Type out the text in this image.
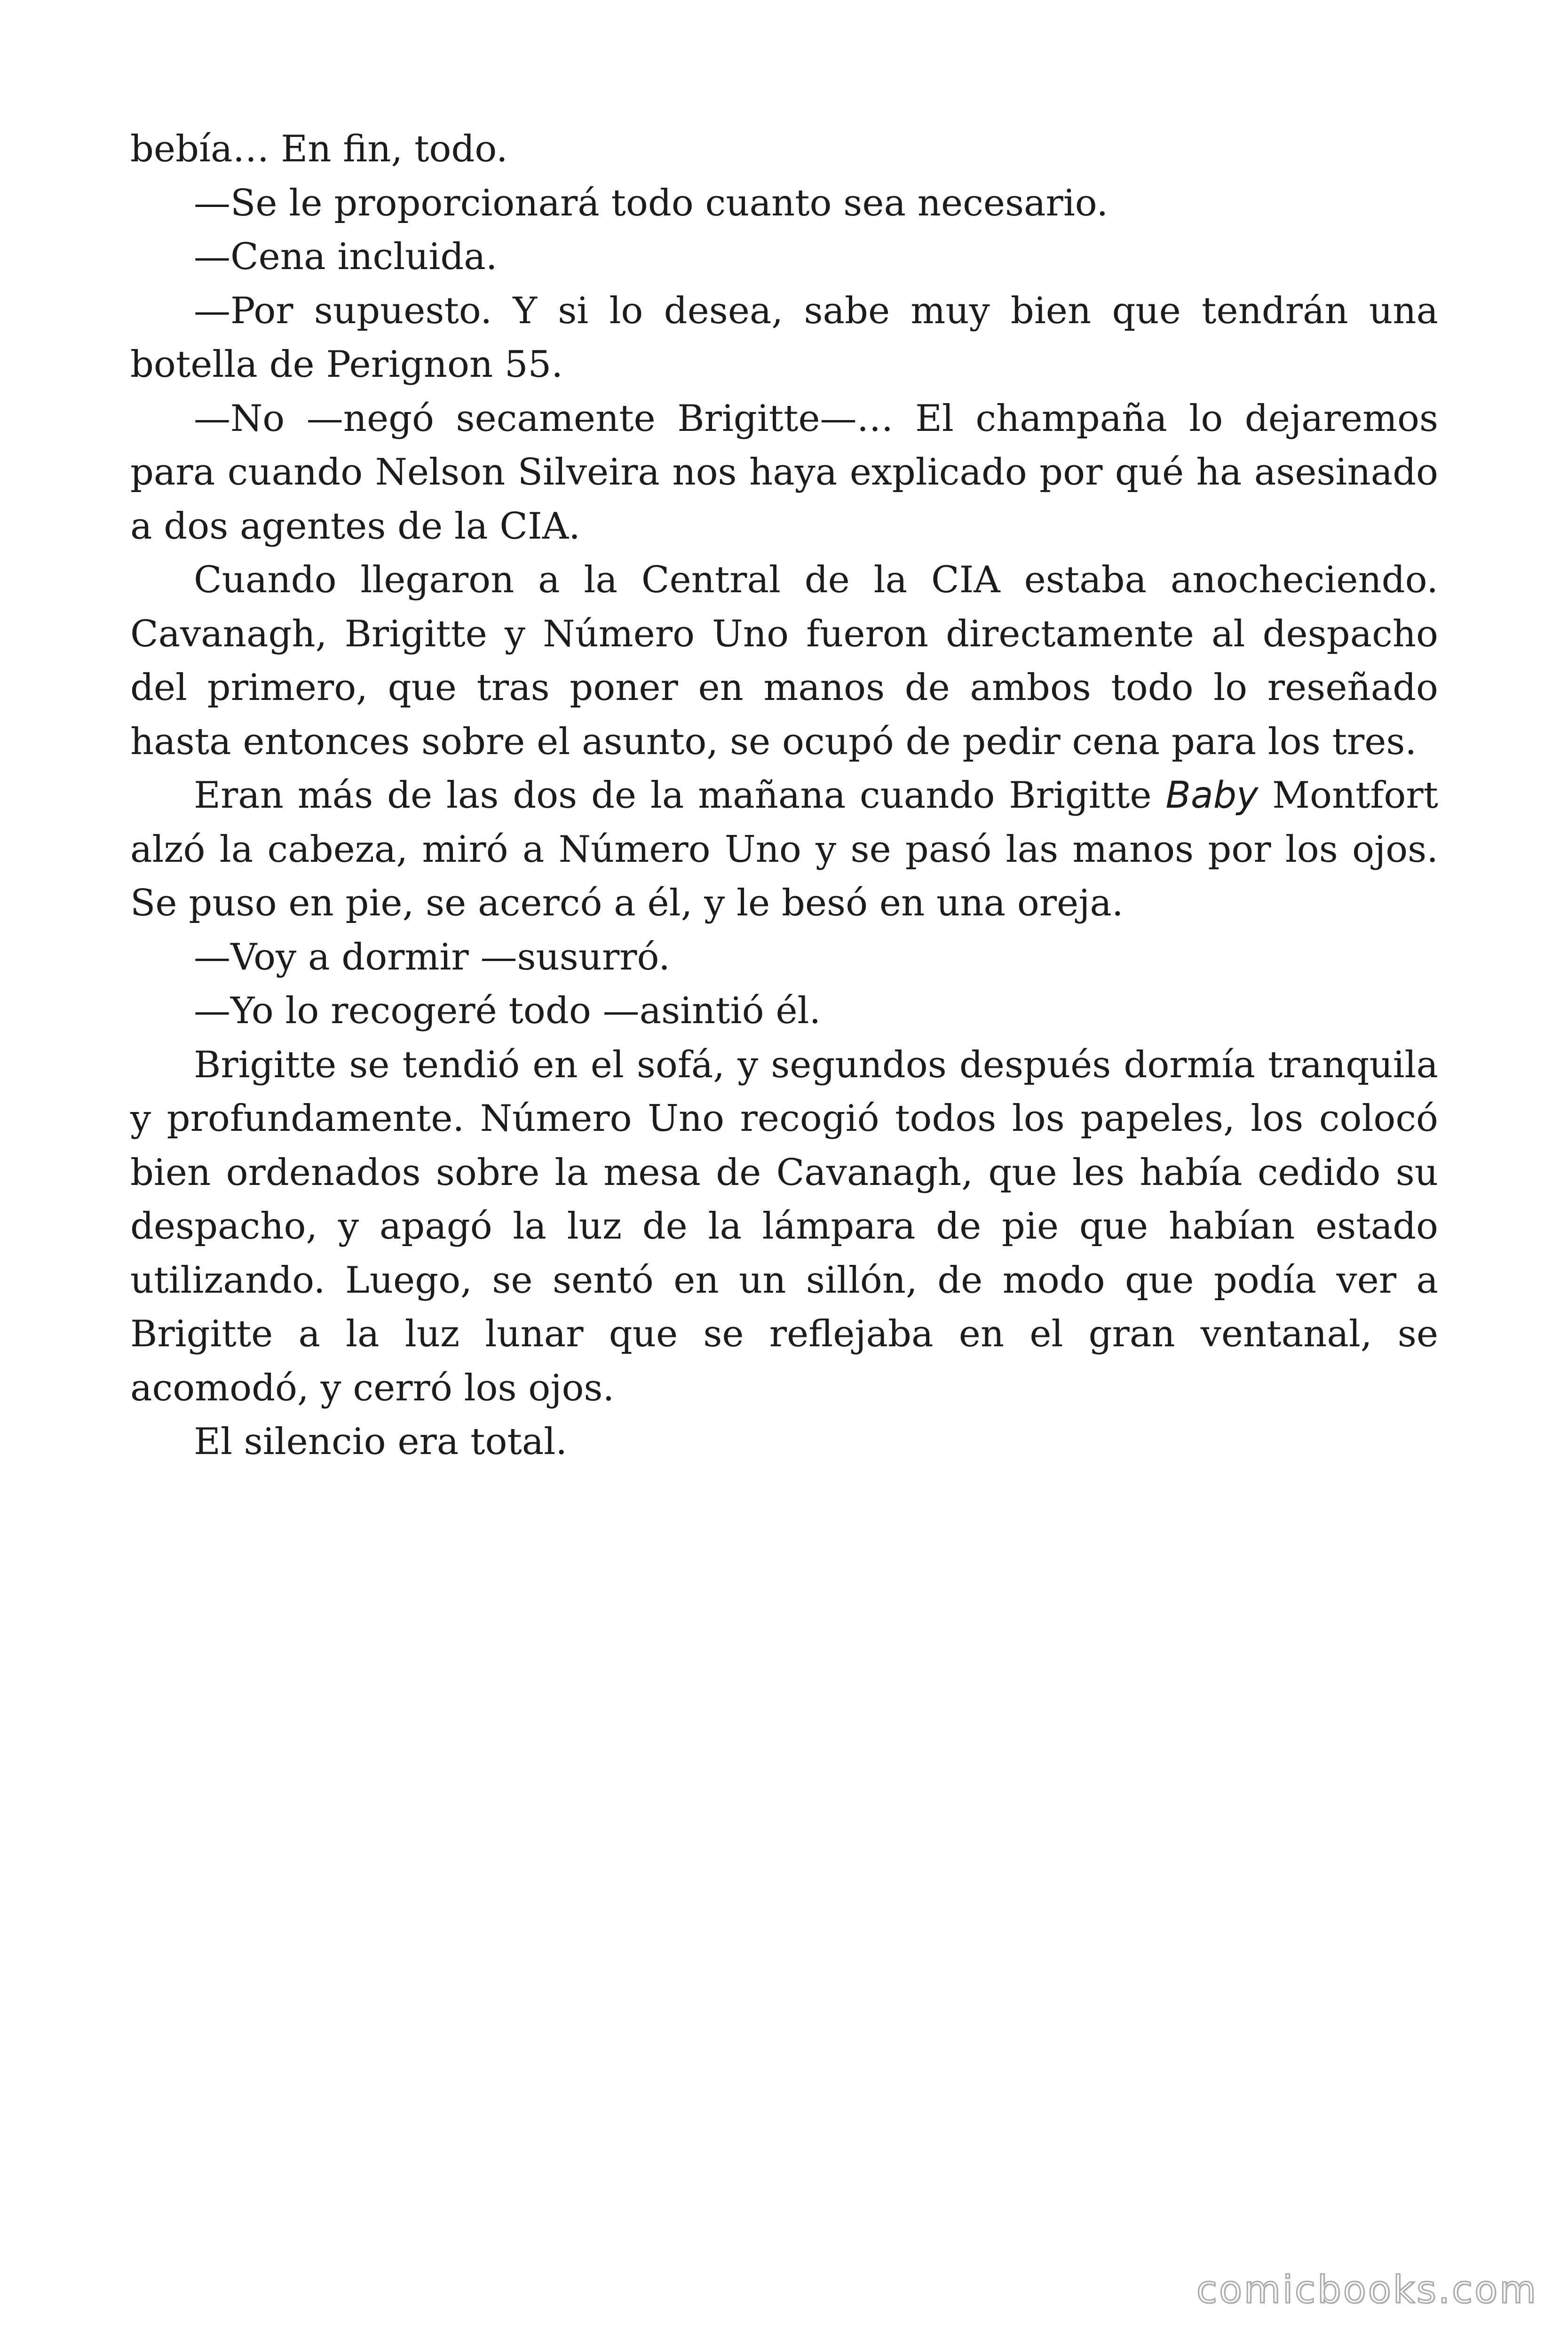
bebía… En fin, todo.

—Se le proporcionará todo cuanto sea necesario.

—Cena incluida.

—Por supuesto. Y si lo desea, sabe muy bien que tendrán una botella de Perignon 55.

—No —negó secamente Brigitte—… El champaña lo dejaremos para cuando Nelson Silveira nos haya explicado por qué ha asesinado a dos agentes de la CIA.

Cuando llegaron a la Central de la CIA estaba anocheciendo. Cavanagh, Brigitte y Número Uno fueron directamente al despacho del primero, que tras poner en manos de ambos todo lo reseñado hasta entonces sobre el asunto, se ocupó de pedir cena para los tres.

Eran más de las dos de la mañana cuando Brigitte Baby Montfort alzó la cabeza, miró a Número Uno y se pasó las manos por los ojos. Se puso en pie, se acercó a él, y le besó en una oreja.

—Voy a dormir —susurró.

—Yo lo recogeré todo —asintió él.

Brigitte se tendió en el sofá, y segundos después dormía tranquila y profundamente. Número Uno recogió todos los papeles, los colocó bien ordenados sobre la mesa de Cavanagh, que les había cedido su despacho, y apagó la luz de la lámpara de pie que habían estado utilizando. Luego, se sentó en un sillón, de modo que podía ver a Brigitte a la luz lunar que se reflejaba en el gran ventanal, se acomodó, y cerró los ojos.

El silencio era total.

comicbooks.com
